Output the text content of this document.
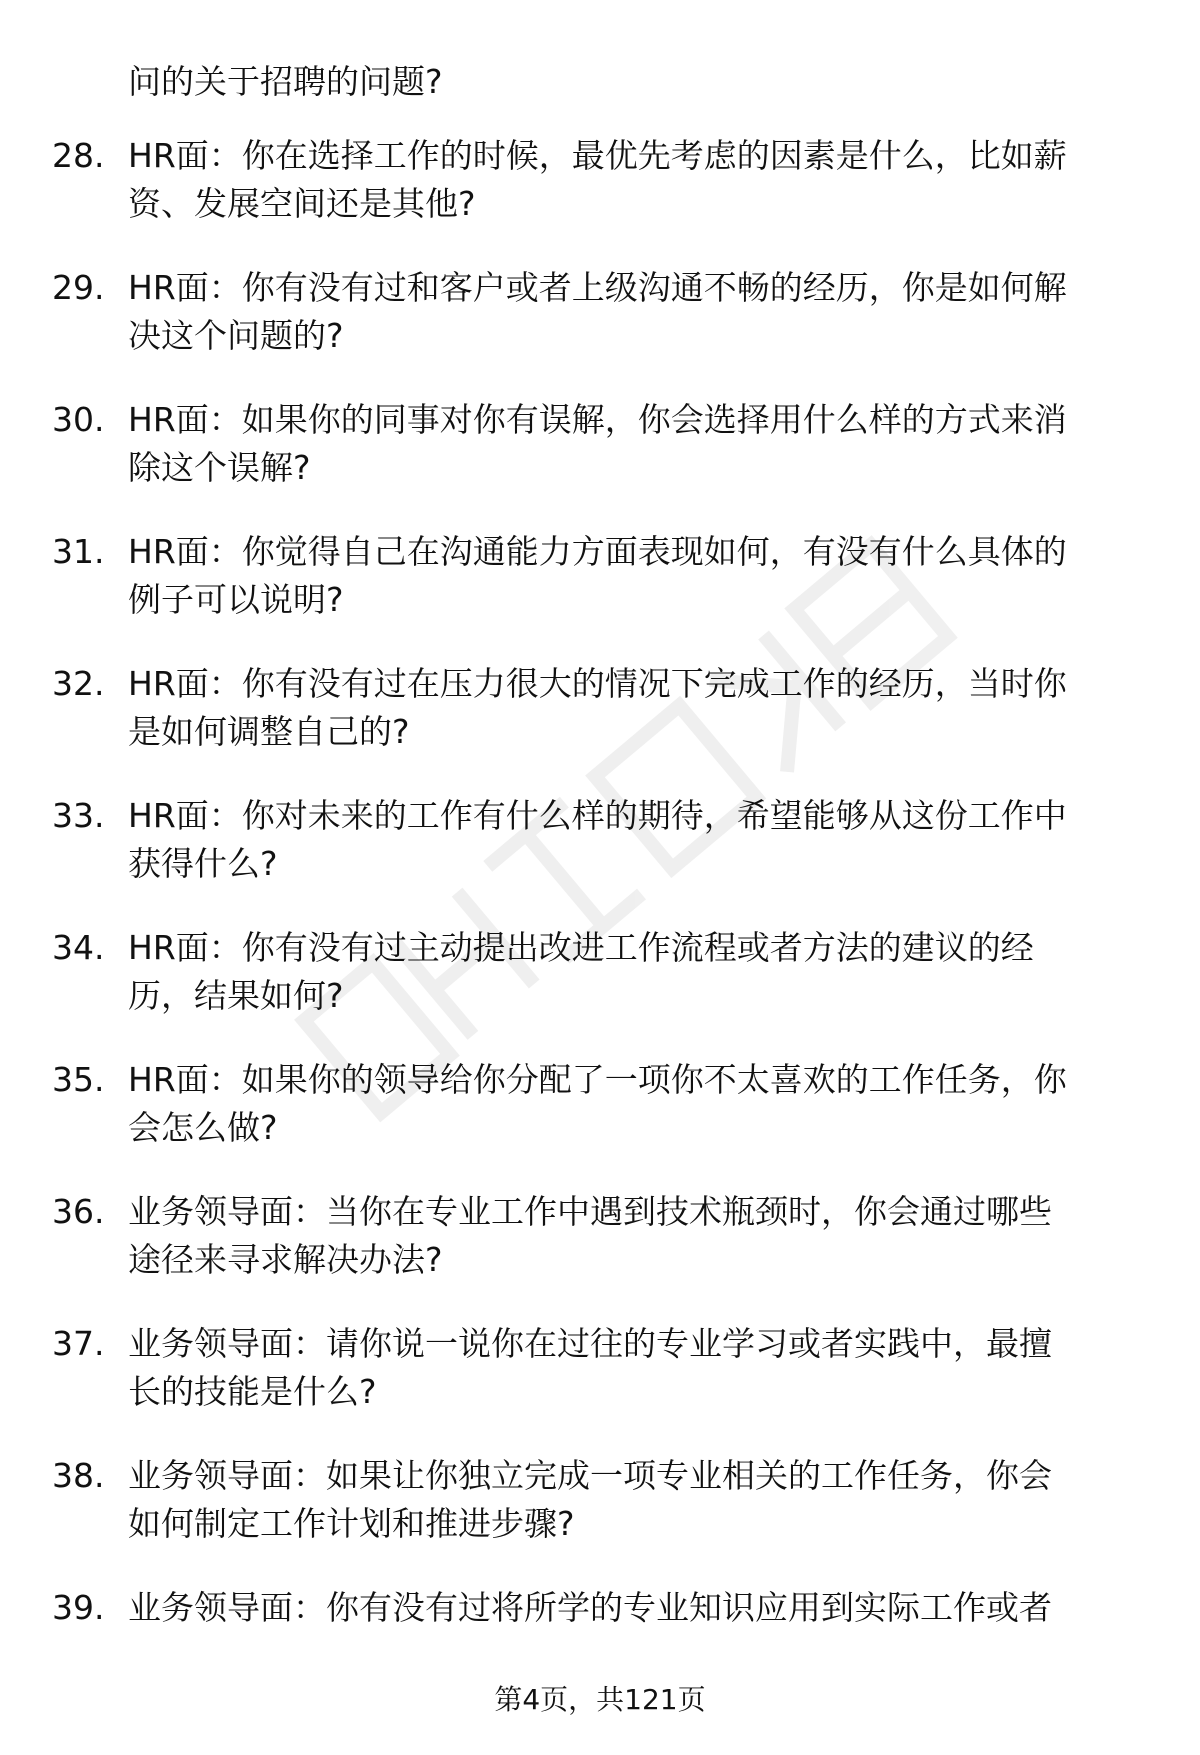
问的关于招聘的问题?
28. HR面：你在选择工作的时候，最优先考虑的因素是什么，比如薪
资、发展空间还是其他?
29. HR面：你有没有过和客户或者上级沟通不畅的经历，你是如何解
决这个问题的?
30. HR面：如果你的同事对你有误解，你会选择用什么样的方式来消
除这个误解?
31. HR面：你觉得自己在沟通能力方面表现如何，有没有什么具体的
例子可以说明?
32. HR面：你有没有过在压力很大的情况下完成工作的经历，当时你
是如何调整自己的?
33. HR面：你对未来的工作有什么样的期待，希望能够从这份工作中
获得什么?
34. HR面：你有没有过主动提出改进工作流程或者方法的建议的经
历，结果如何?
35. HR面：如果你的领导给你分配了一项你不太喜欢的工作任务，你
会怎么做?
36. 业务领导面：当你在专业工作中遇到技术瓶颈时，你会通过哪些
途径来寻求解决办法?
37. 业务领导面：请你说一说你在过往的专业学习或者实践中，最擅
长的技能是什么?
38. 业务领导面：如果让你独立完成一项专业相关的工作任务，你会
如何制定工作计划和推进步骤?
39. 业务领导面：你有没有过将所学的专业知识应用到实际工作或者
第4页，共121页
